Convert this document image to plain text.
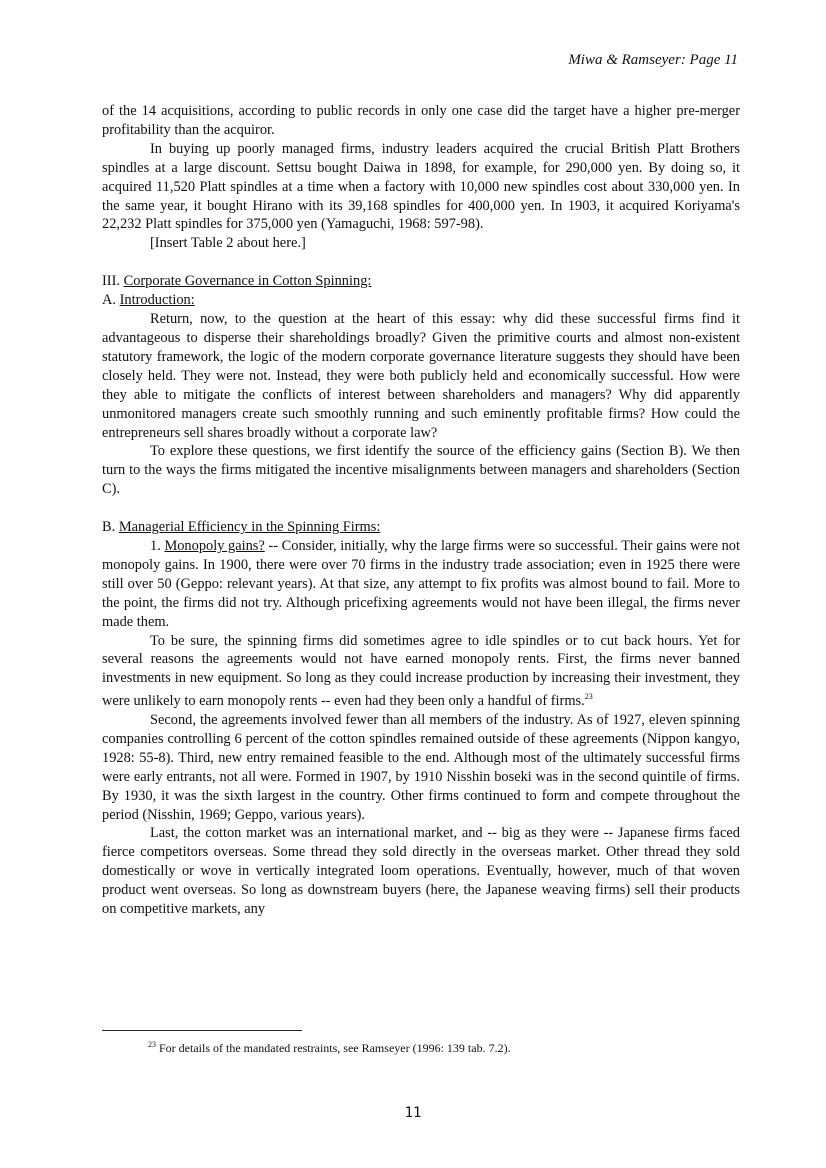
Miwa & Ramseyer: Page 11

of the 14 acquisitions, according to public records in only one case did the target have a higher pre-merger profitability than the acquiror.

In buying up poorly managed firms, industry leaders acquired the crucial British Platt Brothers spindles at a large discount. Settsu bought Daiwa in 1898, for example, for 290,000 yen. By doing so, it acquired 11,520 Platt spindles at a time when a factory with 10,000 new spindles cost about 330,000 yen. In the same year, it bought Hirano with its 39,168 spindles for 400,000 yen. In 1903, it acquired Koriyama's 22,232 Platt spindles for 375,000 yen (Yamaguchi, 1968: 597-98).

[Insert Table 2 about here.]

III. Corporate Governance in Cotton Spinning:

A. Introduction:

Return, now, to the question at the heart of this essay: why did these successful firms find it advantageous to disperse their shareholdings broadly? Given the primitive courts and almost non-existent statutory framework, the logic of the modern corporate governance literature suggests they should have been closely held. They were not. Instead, they were both publicly held and economically successful. How were they able to mitigate the conflicts of interest between shareholders and managers? Why did apparently unmonitored managers create such smoothly running and such eminently profitable firms? How could the entrepreneurs sell shares broadly without a corporate law?

To explore these questions, we first identify the source of the efficiency gains (Section B). We then turn to the ways the firms mitigated the incentive misalignments between managers and shareholders (Section C).

B. Managerial Efficiency in the Spinning Firms:

1. Monopoly gains? -- Consider, initially, why the large firms were so successful. Their gains were not monopoly gains. In 1900, there were over 70 firms in the industry trade association; even in 1925 there were still over 50 (Geppo: relevant years). At that size, any attempt to fix profits was almost bound to fail. More to the point, the firms did not try. Although pricefixing agreements would not have been illegal, the firms never made them.

To be sure, the spinning firms did sometimes agree to idle spindles or to cut back hours. Yet for several reasons the agreements would not have earned monopoly rents. First, the firms never banned investments in new equipment. So long as they could increase production by increasing their investment, they were unlikely to earn monopoly rents -- even had they been only a handful of firms.$^{23}$

Second, the agreements involved fewer than all members of the industry. As of 1927, eleven spinning companies controlling 6 percent of the cotton spindles remained outside of these agreements (Nippon kangyo, 1928: 55-8). Third, new entry remained feasible to the end. Although most of the ultimately successful firms were early entrants, not all were. Formed in 1907, by 1910 Nisshin boseki was in the second quintile of firms. By 1930, it was the sixth largest in the country. Other firms continued to form and compete throughout the period (Nisshin, 1969; Geppo, various years).

Last, the cotton market was an international market, and -- big as they were -- Japanese firms faced fierce competitors overseas. Some thread they sold directly in the overseas market. Other thread they sold domestically or wove in vertically integrated loom operations. Eventually, however, much of that woven product went overseas. So long as downstream buyers (here, the Japanese weaving firms) sell their products on competitive markets, any

$^{23}$ For details of the mandated restraints, see Ramseyer (1996: 139 tab. 7.2).
11
